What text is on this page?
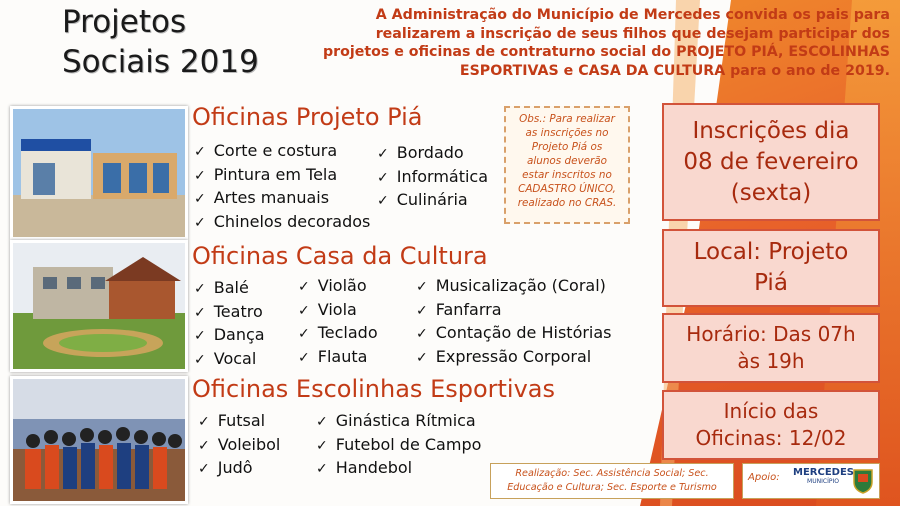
Projetos
Sociais 2019
A Administração do Município de Mercedes convida os pais para
realizarem a inscrição de seus filhos que desejam participar dos
projetos e oficinas de contraturno social do PROJETO PIÁ, ESCOLINHAS
ESPORTIVAS e CASA DA CULTURA para o ano de 2019.
Oficinas Projeto Piá
✓ Corte e costura
✓ Pintura em Tela
✓ Artes manuais
✓ Chinelos decorados
✓ Bordado
✓ Informática
✓ Culinária
Obs.: Para realizar
as inscrições no
Projeto Piá os
alunos deverão
estar inscritos no
CADASTRO ÚNICO,
realizado no CRAS.
Oficinas Casa da Cultura
✓ Balé
✓ Teatro
✓ Dança
✓ Vocal
✓ Violão
✓ Viola
✓ Teclado
✓ Flauta
✓ Musicalização (Coral)
✓ Fanfarra
✓ Contação de Histórias
✓ Expressão Corporal
Oficinas Escolinhas Esportivas
✓ Futsal
✓ Voleibol
✓ Judô
✓ Ginástica Rítmica
✓ Futebol de Campo
✓ Handebol
Inscrições dia
08 de fevereiro
(sexta)
Local: Projeto
Piá
Horário: Das 07h
às 19h
Início das
Oficinas: 12/02
Realização: Sec. Assistência Social; Sec.
Educação e Cultura; Sec. Esporte e Turismo
Apoio: MERCEDES
MUNICÍPIO
